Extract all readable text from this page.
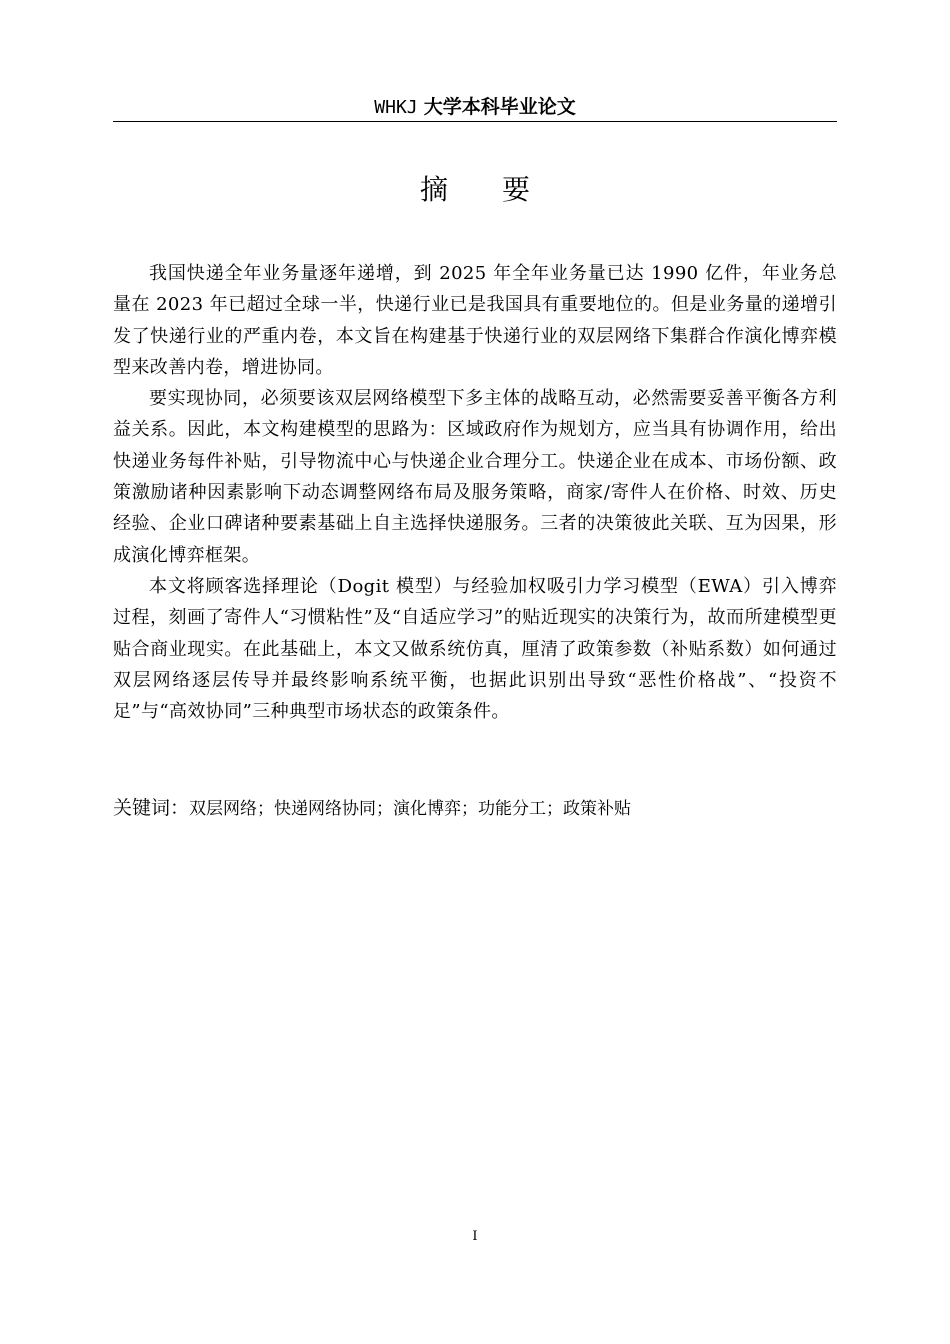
WHKJ 大学本科毕业论文
摘 要

我国快递全年业务量逐年递增，到 2025 年全年业务量已达 1990 亿件，年业务总量在 2023 年已超过全球一半，快递行业已是我国具有重要地位的。但是业务量的递增引发了快递行业的严重内卷，本文旨在构建基于快递行业的双层网络下集群合作演化博弈模型来改善内卷，增进协同。

要实现协同，必须要该双层网络模型下多主体的战略互动，必然需要妥善平衡各方利益关系。因此，本文构建模型的思路为：区域政府作为规划方，应当具有协调作用，给出快递业务每件补贴，引导物流中心与快递企业合理分工。快递企业在成本、市场份额、政策激励诸种因素影响下动态调整网络布局及服务策略，商家/寄件人在价格、时效、历史经验、企业口碑诸种要素基础上自主选择快递服务。三者的决策彼此关联、互为因果，形成演化博弈框架。

本文将顾客选择理论（Dogit 模型）与经验加权吸引力学习模型（EWA）引入博弈过程，刻画了寄件人“习惯粘性”及“自适应学习”的贴近现实的决策行为，故而所建模型更贴合商业现实。在此基础上，本文又做系统仿真，厘清了政策参数（补贴系数）如何通过双层网络逐层传导并最终影响系统平衡，也据此识别出导致“恶性价格战”、“投资不足”与“高效协同”三种典型市场状态的政策条件。

关键词：双层网络；快递网络协同；演化博弈；功能分工；政策补贴
I
